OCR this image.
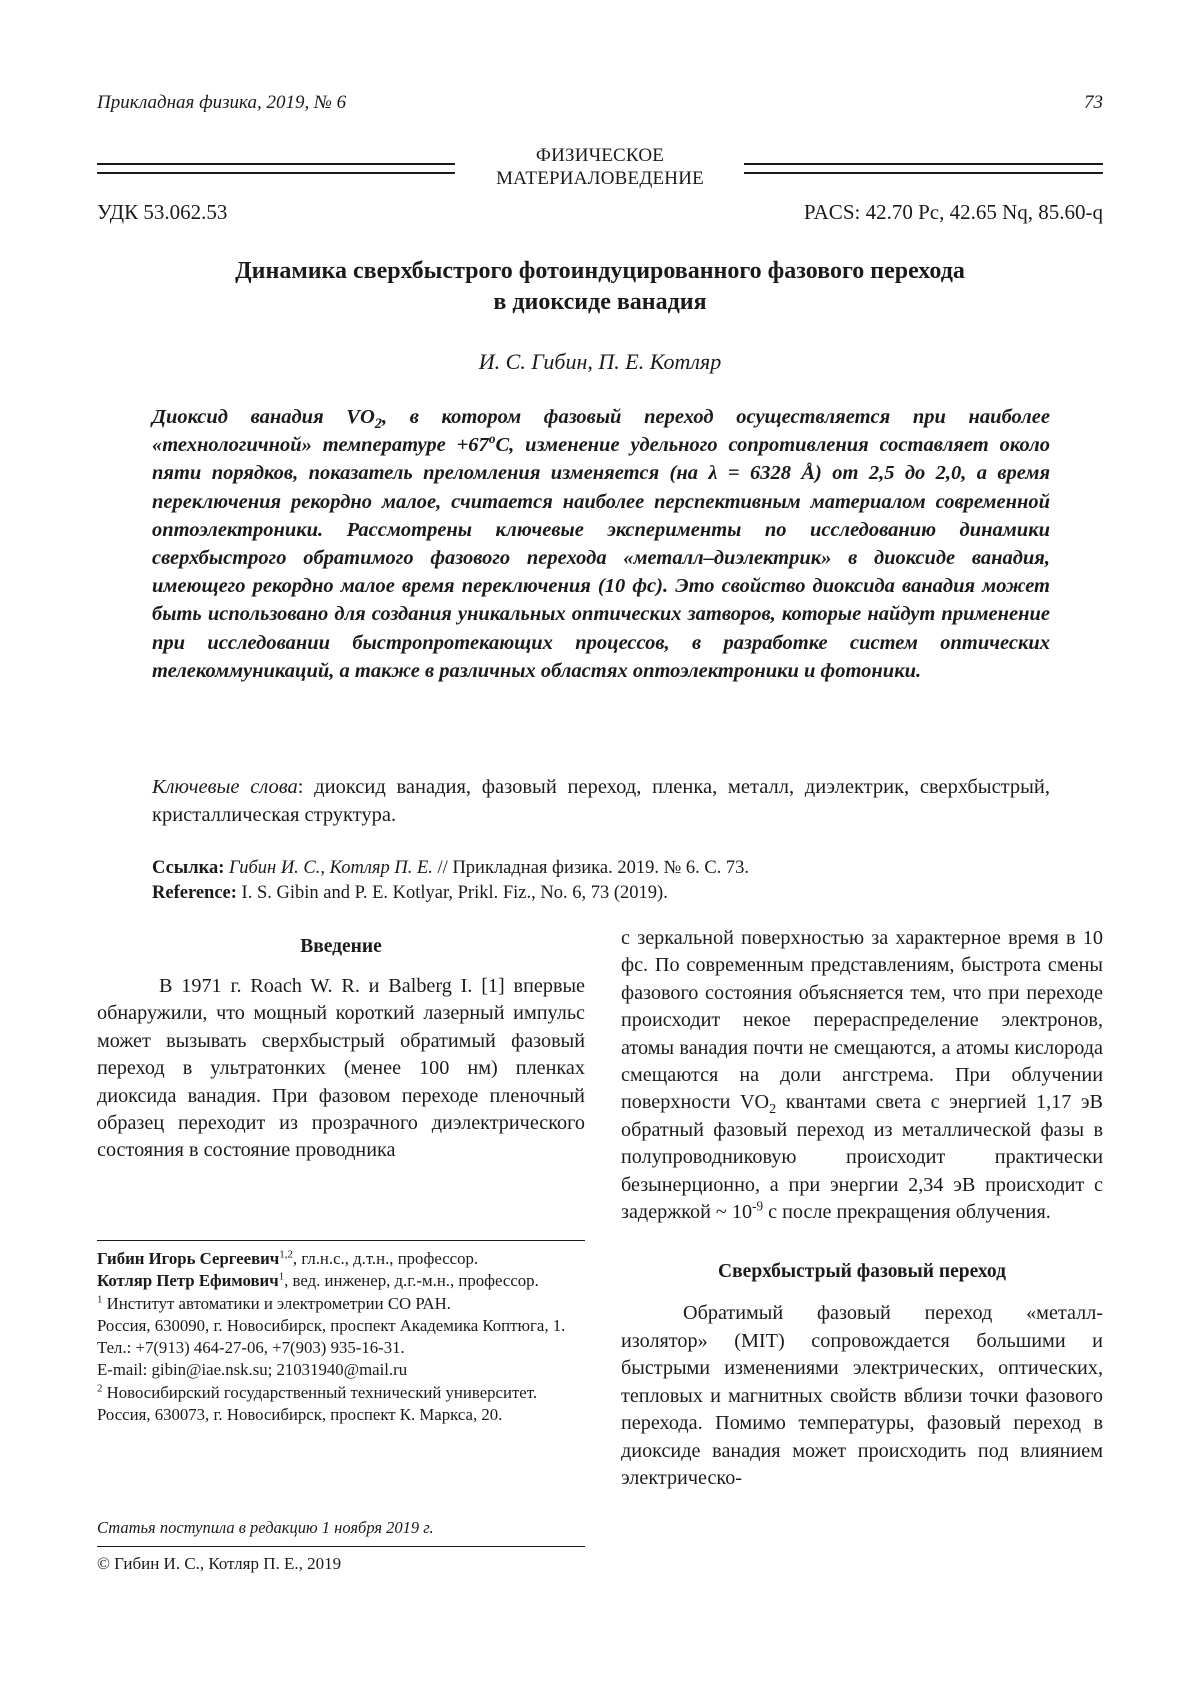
Прикладная физика, 2019, № 6	73
ФИЗИЧЕСКОЕ
МАТЕРИАЛОВЕДЕНИЕ
УДК 53.062.53	PACS: 42.70 Pc, 42.65 Nq, 85.60-q
Динамика сверхбыстрого фотоиндуцированного фазового перехода
в диоксиде ванадия
И. С. Гибин, П. Е. Котляр

Диоксид ванадия $VO_2$, в котором фазовый переход осуществляется при наиболее «технологичной» температуре $+67^oС$, изменение удельного сопротивления составляет около пяти порядков, показатель преломления изменяется (на λ = 6328 Å) от 2,5 до 2,0, а время переключения рекордно малое, считается наиболее перспективным материалом современной оптоэлектроники. Рассмотрены ключевые эксперименты по исследованию динамики сверхбыстрого обратимого фазового перехода «металл–диэлектрик» в диоксиде ванадия, имеющего рекордно малое время переключения (10 фс). Это свойство диоксида ванадия может быть использовано для создания уникальных оптических затворов, которые найдут применение при исследовании быстропротекающих процессов, в разработке систем оптических телекоммуникаций, а также в различных областях оптоэлектроники и фотоники.

Ключевые слова: диоксид ванадия, фазовый переход, пленка, металл, диэлектрик, сверхбыстрый, кристаллическая структура.
Ссылка: Гибин И. С., Котляр П. Е. // Прикладная физика. 2019. № 6. С. 73.
Reference: I. S. Gibin and P. E. Kotlyar, Prikl. Fiz., No. 6, 73 (2019).

Введение

В 1971 г. Roach W. R. и Balberg I. [1] впервые обнаружили, что мощный короткий лазерный импульс может вызывать сверхбыстрый обратимый фазовый переход в ультратонких (менее 100 нм) пленках диоксида ванадия. При фазовом переходе пленочный образец переходит из прозрачного диэлектрического состояния в состояние проводника

с зеркальной поверхностью за характерное время в 10 фс. По современным представлениям, быстрота смены фазового состояния объясняется тем, что при переходе происходит некое перераспределение электронов, атомы ванадия почти не смещаются, а атомы кислорода смещаются на доли ангстрема. При облучении поверхности $VO_2$ квантами света с энергией 1,17 эВ обратный фазовый переход из металлической фазы в полупроводниковую происходит практически безынерционно, а при энергии 2,34 эВ происходит с задержкой ~ $10^{-9}$ с после прекращения облучения.

Сверхбыстрый фазовый переход

Обратимый фазовый переход «металл-изолятор» (MIT) сопровождается большими и быстрыми изменениями электрических, оптических, тепловых и магнитных свойств вблизи точки фазового перехода. Помимо температуры, фазовый переход в диоксиде ванадия может происходить под влиянием электрическо-

Гибин Игорь Сергеевич$^{1,2}$, гл.н.с., д.т.н., профессор.

Котляр Петр Ефимович$^1$, вед. инженер, д.г.-м.н., профессор.

$^1$ Институт автоматики и электрометрии СО РАН.

Россия, 630090, г. Новосибирск, проспект Академика Коптюга, 1.

Тел.: +7(913) 464-27-06, +7(903) 935-16-31.

E-mail: gibin@iae.nsk.su; 21031940@mail.ru

$^2$ Новосибирский государственный технический университет.

Россия, 630073, г. Новосибирск, проспект К. Маркса, 20.

Статья поступила в редакцию 1 ноября 2019 г.
© Гибин И. С., Котляр П. Е., 2019
